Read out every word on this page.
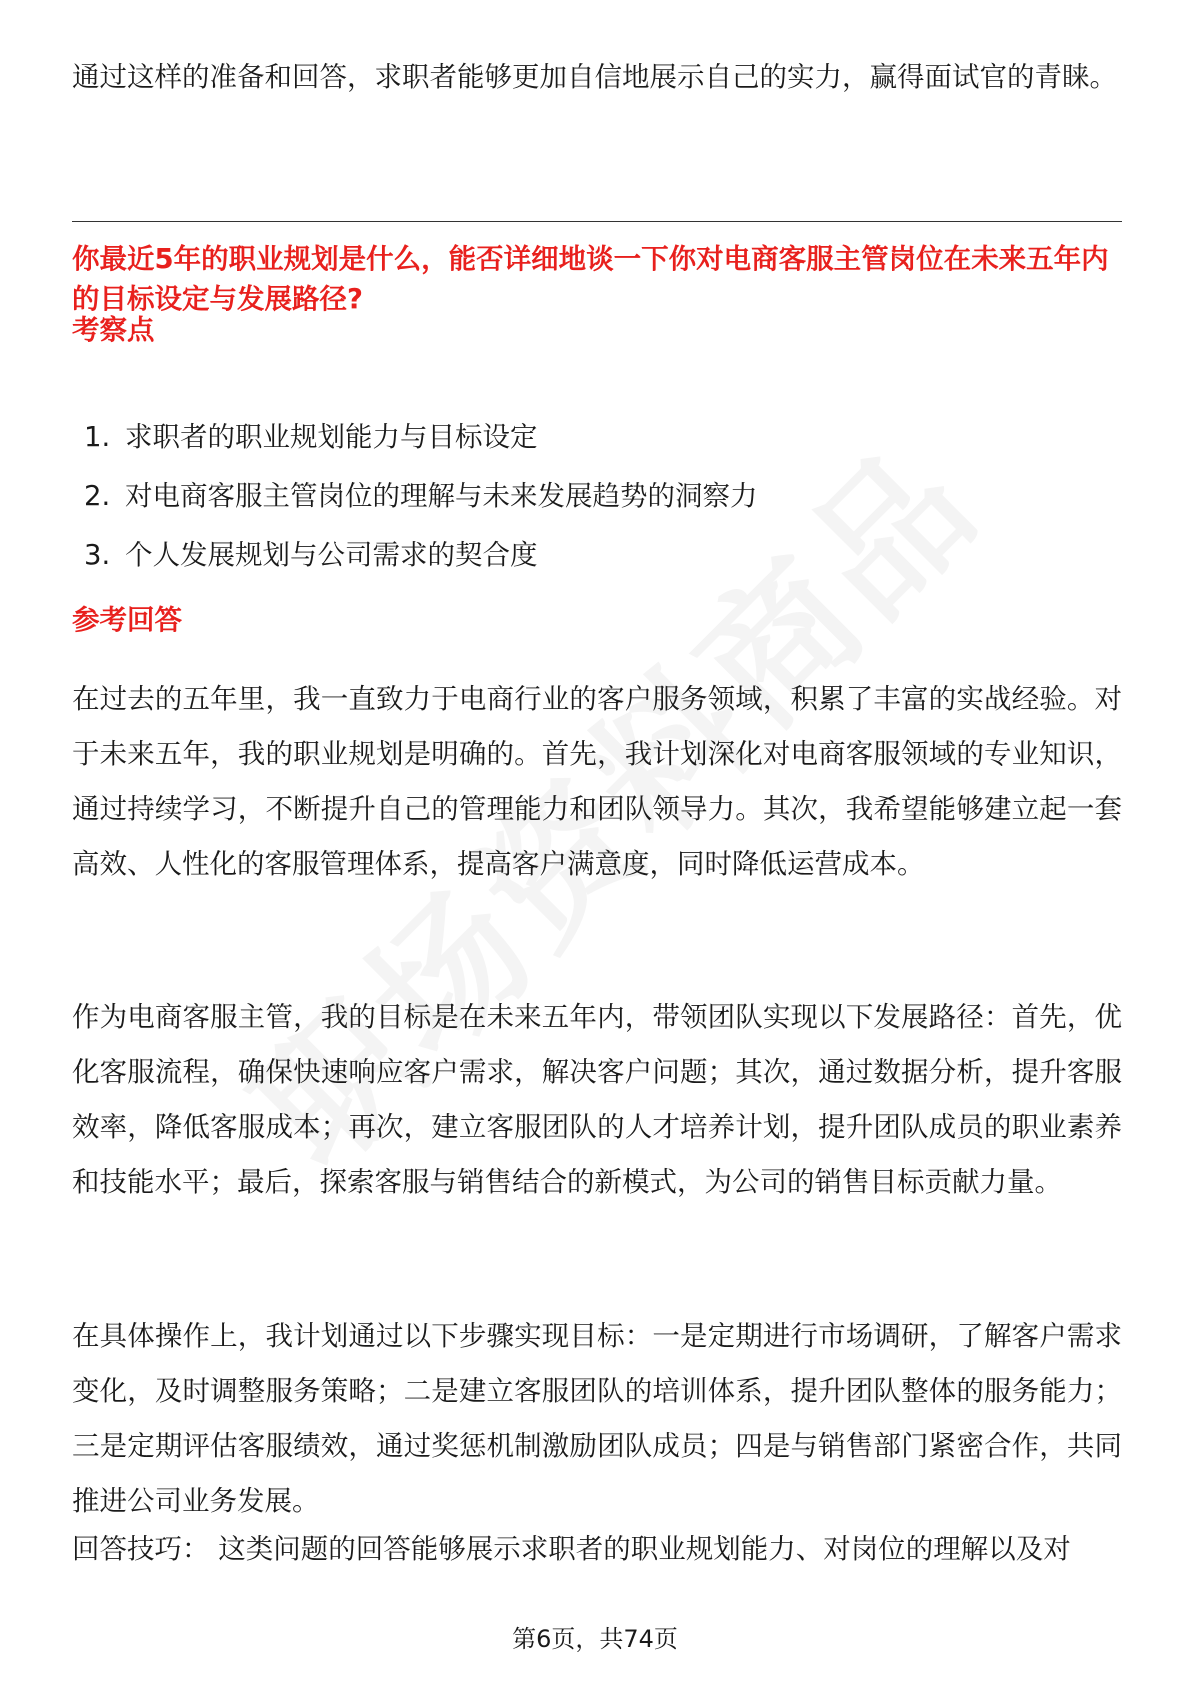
通过这样的准备和回答，求职者能够更加自信地展示自己的实力，赢得面试官的青睐。

你最近5年的职业规划是什么，能否详细地谈一下你对电商客服主管岗位在未来五年内的目标设定与发展路径?

考察点

1. 求职者的职业规划能力与目标设定
2. 对电商客服主管岗位的理解与未来发展趋势的洞察力
3. 个人发展规划与公司需求的契合度

参考回答

在过去的五年里，我一直致力于电商行业的客户服务领域，积累了丰富的实战经验。对于未来五年，我的职业规划是明确的。首先，我计划深化对电商客服领域的专业知识，通过持续学习，不断提升自己的管理能力和团队领导力。其次，我希望能够建立起一套高效、人性化的客服管理体系，提高客户满意度，同时降低运营成本。

作为电商客服主管，我的目标是在未来五年内，带领团队实现以下发展路径：首先，优化客服流程，确保快速响应客户需求，解决客户问题；其次，通过数据分析，提升客服效率，降低客服成本；再次，建立客服团队的人才培养计划，提升团队成员的职业素养和技能水平；最后，探索客服与销售结合的新模式，为公司的销售目标贡献力量。

在具体操作上，我计划通过以下步骤实现目标：一是定期进行市场调研，了解客户需求变化，及时调整服务策略；二是建立客服团队的培训体系，提升团队整体的服务能力；三是定期评估客服绩效，通过奖惩机制激励团队成员；四是与销售部门紧密合作，共同推进公司业务发展。

回答技巧： 这类问题的回答能够展示求职者的职业规划能力、对岗位的理解以及对

第6页，共74页
